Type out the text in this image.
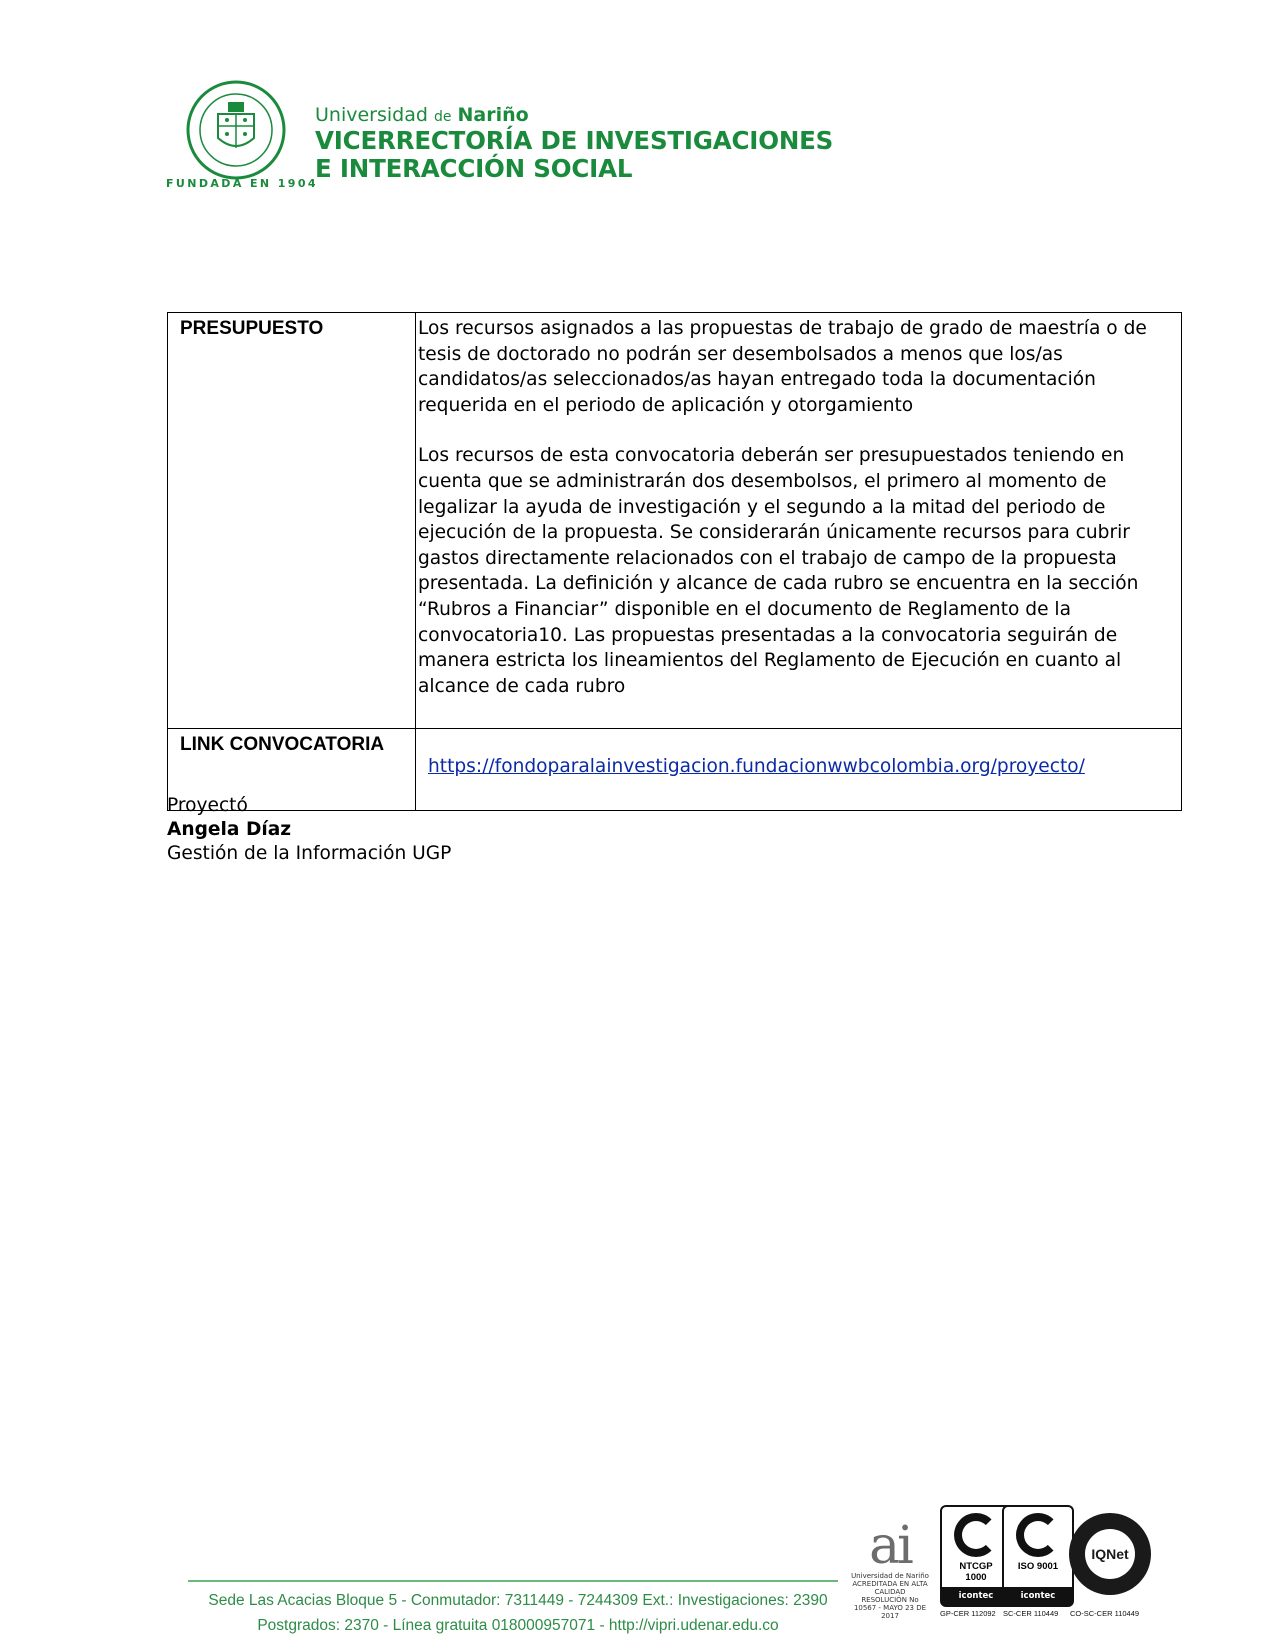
FUNDADA EN 1904
Universidad de Nariño
VICERRECTORÍA DE INVESTIGACIONES
E INTERACCIÓN SOCIAL
PRESUPUESTO	Los recursos asignados a las propuestas de trabajo de grado de maestría o de tesis de doctorado no podrán ser desembolsados a menos que los/as candidatos/as seleccionados/as hayan entregado toda la documentación requerida en el periodo de aplicación y otorgamiento

Los recursos de esta convocatoria deberán ser presupuestados teniendo en cuenta que se administrarán dos desembolsos, el primero al momento de legalizar la ayuda de investigación y el segundo a la mitad del periodo de ejecución de la propuesta. Se considerarán únicamente recursos para cubrir gastos directamente relacionados con el trabajo de campo de la propuesta presentada. La definición y alcance de cada rubro se encuentra en la sección “Rubros a Financiar” disponible en el documento de Reglamento de la convocatoria10. Las propuestas presentadas a la convocatoria seguirán de manera estricta los lineamientos del Reglamento de Ejecución en cuanto al alcance de cada rubro

LINK CONVOCATORIA	https://fondoparalainvestigacion.fundacionwwbcolombia.org/proyecto/
Proyectó
Angela Díaz
Gestión de la Información UGP
Sede Las Acacias Bloque 5 - Conmutador: 7311449 - 7244309 Ext.: Investigaciones: 2390
Postgrados: 2370 - Línea gratuita 018000957071 - http://vipri.udenar.edu.co
ai
Universidad de Nariño
ACREDITADA EN ALTA CALIDAD
RESOLUCIÓN No 10567 - MAYO 23 DE 2017
NTCGP
1000
icontec
GP-CER 112092
ISO 9001
icontec
SC-CER 110449
IQNet
CO-SC-CER 110449
